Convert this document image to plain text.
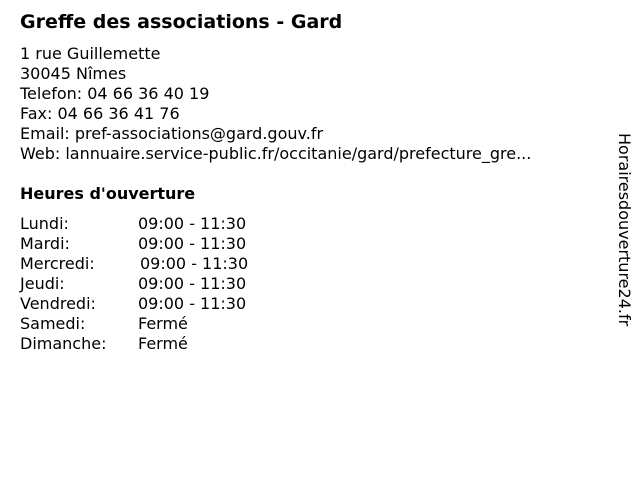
Greffe des associations - Gard
1 rue Guillemette
30045 Nîmes
Telefon: 04 66 36 40 19
Fax: 04 66 36 41 76
Email: pref-associations@gard.gouv.fr
Web: lannuaire.service-public.fr/occitanie/gard/prefecture_gre...
Heures d'ouverture
Lundi:	09:00 - 11:30
Mardi:	09:00 - 11:30
Mercredi:	09:00 - 11:30
Jeudi:	09:00 - 11:30
Vendredi:	09:00 - 11:30
Samedi:	Fermé
Dimanche: Fermé
Horairesdouverture24.fr
